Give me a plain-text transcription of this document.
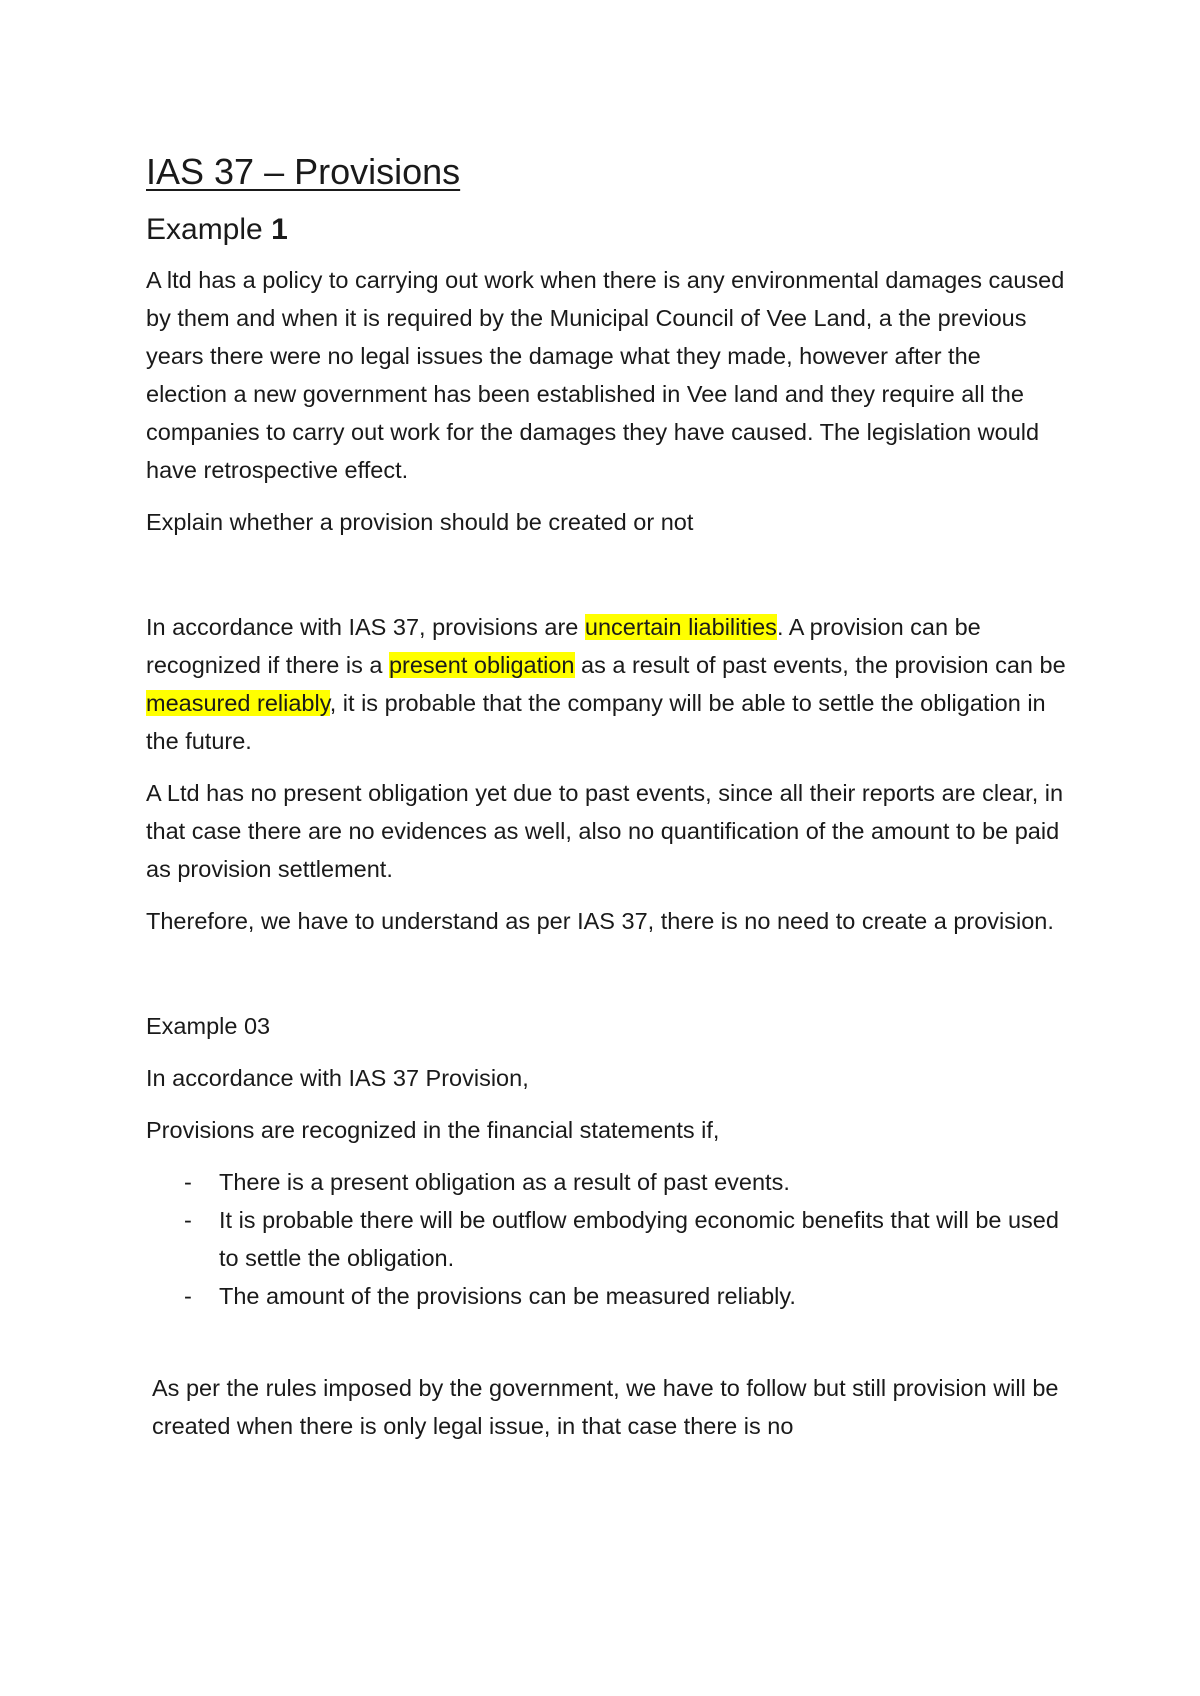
IAS 37 – Provisions
Example 1

A ltd has a policy to carrying out work when there is any environmental damages caused by them and when it is required by the Municipal Council of Vee Land, a the previous years there were no legal issues the damage what they made, however after the election a new government has been established in Vee land and they require all the companies to carry out work for the damages they have caused. The legislation would have retrospective effect.

Explain whether a provision should be created or not

In accordance with IAS 37, provisions are uncertain liabilities. A provision can be recognized if there is a present obligation as a result of past events, the provision can be measured reliably, it is probable that the company will be able to settle the obligation in the future.

A Ltd has no present obligation yet due to past events, since all their reports are clear, in that case there are no evidences as well, also no quantification of the amount to be paid as provision settlement.

Therefore, we have to understand as per IAS 37, there is no need to create a provision.

Example 03

In accordance with IAS 37 Provision,

Provisions are recognized in the financial statements if,

- There is a present obligation as a result of past events.
- It is probable there will be outflow embodying economic benefits that will be used to settle the obligation.
- The amount of the provisions can be measured reliably.

As per the rules imposed by the government, we have to follow but still provision will be created when there is only legal issue, in that case there is no
